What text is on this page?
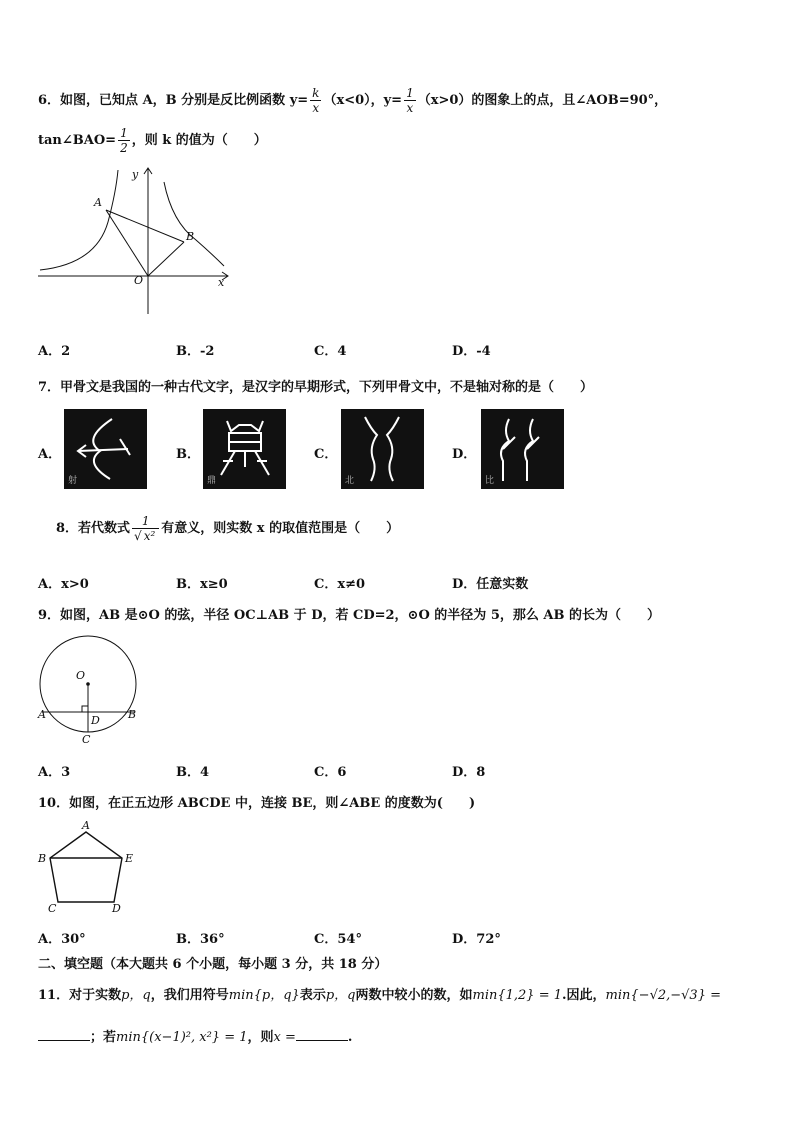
6．如图，已知点 A，B 分别是反比例函数 $y= \frac{k}{x} (x<0)$，$y= \frac{1}{x} (x>0)$的图象上的点，且∠AOB=90°，
tan∠BAO= $\frac{1}{2}$ ，则 k 的值为（　　）
A
B
O
y
x
A．2	B．-2	C．4	D．-4
7．甲骨文是我国的一种古代文字，是汉字的早期形式，下列甲骨文中，不是轴对称的是（　　）
A．
射
B．
鼎
C．
北
D．
比
8．若代数式 $\frac{1}{\text{√ x²}}$ 有意义，则实数 x 的取值范围是（　　）
A．x>0	B．x≥0	C．x≠0	D．任意实数
9．如图，AB 是⊙O 的弦，半径 OC⊥AB 于 D，若 CD=2，⊙O 的半径为 5，那么 AB 的长为（　　）
O
A	B
C
D
A．3	B．4	C．6	D．8
10．如图，在正五边形 ABCDE 中，连接 BE，则∠ABE 的度数为(　　)
A
B
C	D
E
A．30°	B．36°	C．54°	D．72°
二、填空题（本大题共 6 个小题，每小题 3 分，共 18 分）
11．对于实数p，q，我们用符号min{p，q}表示p，q两数中较小的数，如min{1,2} = 1.因此，min{−√2,−√3} =
；若min{(x−1)², x²} = 1，则x =	.
